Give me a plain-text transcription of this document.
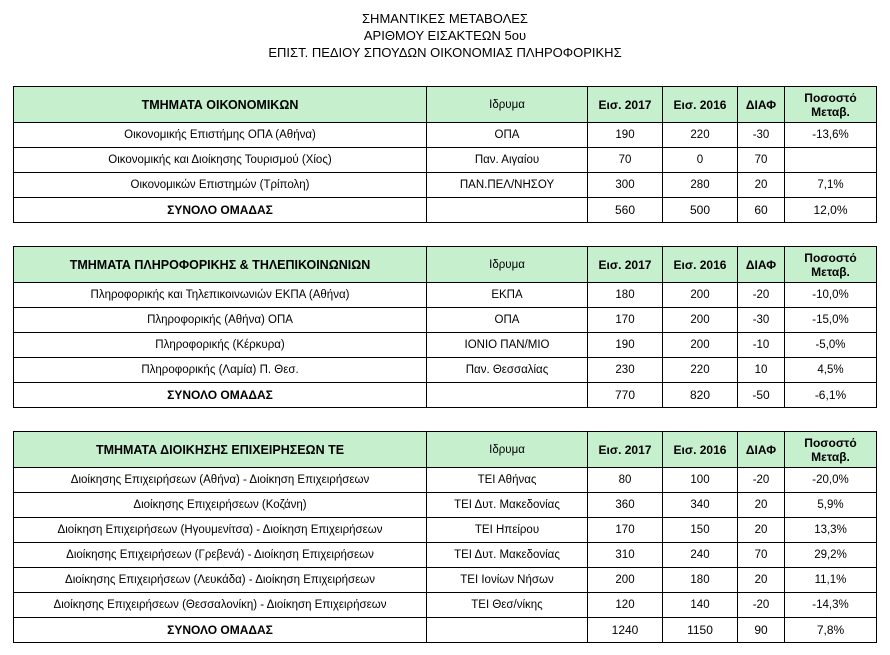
ΣΗΜΑΝΤΙΚΕΣ ΜΕΤΑΒΟΛΕΣ
ΑΡΙΘΜΟΥ ΕΙΣΑΚΤΕΩΝ 5ου
ΕΠΙΣΤ. ΠΕΔΙΟΥ ΣΠΟΥΔΩΝ ΟΙΚΟΝΟΜΙΑΣ ΠΛΗΡΟΦΟΡΙΚΗΣ
ΤΜΗΜΑΤΑ ΟΙΚΟΝΟΜΙΚΩΝ	Ιδρυμα	Εισ. 2017	Εισ. 2016	ΔΙΑΦ	Ποσοστό Μεταβ.
Οικονομικής Επιστήμης ΟΠΑ (Αθήνα)	ΟΠΑ	190	220	-30	-13,6%
Οικονομικής και Διοίκησης Τουρισμού (Χίος)	Παν. Αιγαίου	70	0	70	
Οικονομικών Επιστημών (Τρίπολη)	ΠΑΝ.ΠΕΛ/ΝΗΣΟΥ	300	280	20	7,1%
ΣΥΝΟΛΟ ΟΜΑΔΑΣ		560	500	60	12,0%
ΤΜΗΜΑΤΑ ΠΛΗΡΟΦΟΡΙΚΗΣ & ΤΗΛΕΠΙΚΟΙΝΩΝΙΩΝ	Ιδρυμα	Εισ. 2017	Εισ. 2016	ΔΙΑΦ	Ποσοστό Μεταβ.
Πληροφορικής και Τηλεπικοινωνιών ΕΚΠΑ (Αθήνα)	ΕΚΠΑ	180	200	-20	-10,0%
Πληροφορικής (Αθήνα) ΟΠΑ	ΟΠΑ	170	200	-30	-15,0%
Πληροφορικής (Κέρκυρα)	ΙΟΝΙΟ ΠΑΝ/ΜΙΟ	190	200	-10	-5,0%
Πληροφορικής (Λαμία) Π. Θεσ.	Παν. Θεσσαλίας	230	220	10	4,5%
ΣΥΝΟΛΟ ΟΜΑΔΑΣ		770	820	-50	-6,1%
ΤΜΗΜΑΤΑ ΔΙΟΙΚΗΣΗΣ ΕΠΙΧΕΙΡΗΣΕΩΝ ΤΕ	Ιδρυμα	Εισ. 2017	Εισ. 2016	ΔΙΑΦ	Ποσοστό Μεταβ.
Διοίκησης Επιχειρήσεων (Αθήνα) - Διοίκηση Επιχειρήσεων	ΤΕΙ Αθήνας	80	100	-20	-20,0%
Διοίκησης Επιχειρήσεων (Κοζάνη)	ΤΕΙ Δυτ. Μακεδονίας	360	340	20	5,9%
Διοίκηση Επιχειρήσεων (Ηγουμενίτσα) - Διοίκηση Επιχειρήσεων	ΤΕΙ Ηπείρου	170	150	20	13,3%
Διοίκησης Επιχειρήσεων (Γρεβενά) - Διοίκηση Επιχειρήσεων	ΤΕΙ Δυτ. Μακεδονίας	310	240	70	29,2%
Διοίκησης Επιχειρήσεων (Λευκάδα) - Διοίκηση Επιχειρήσεων	ΤΕΙ Ιονίων Νήσων	200	180	20	11,1%
Διοίκησης Επιχειρήσεων (Θεσσαλονίκη) - Διοίκηση Επιχειρήσεων	ΤΕΙ Θεσ/νίκης	120	140	-20	-14,3%
ΣΥΝΟΛΟ ΟΜΑΔΑΣ		1240	1150	90	7,8%
